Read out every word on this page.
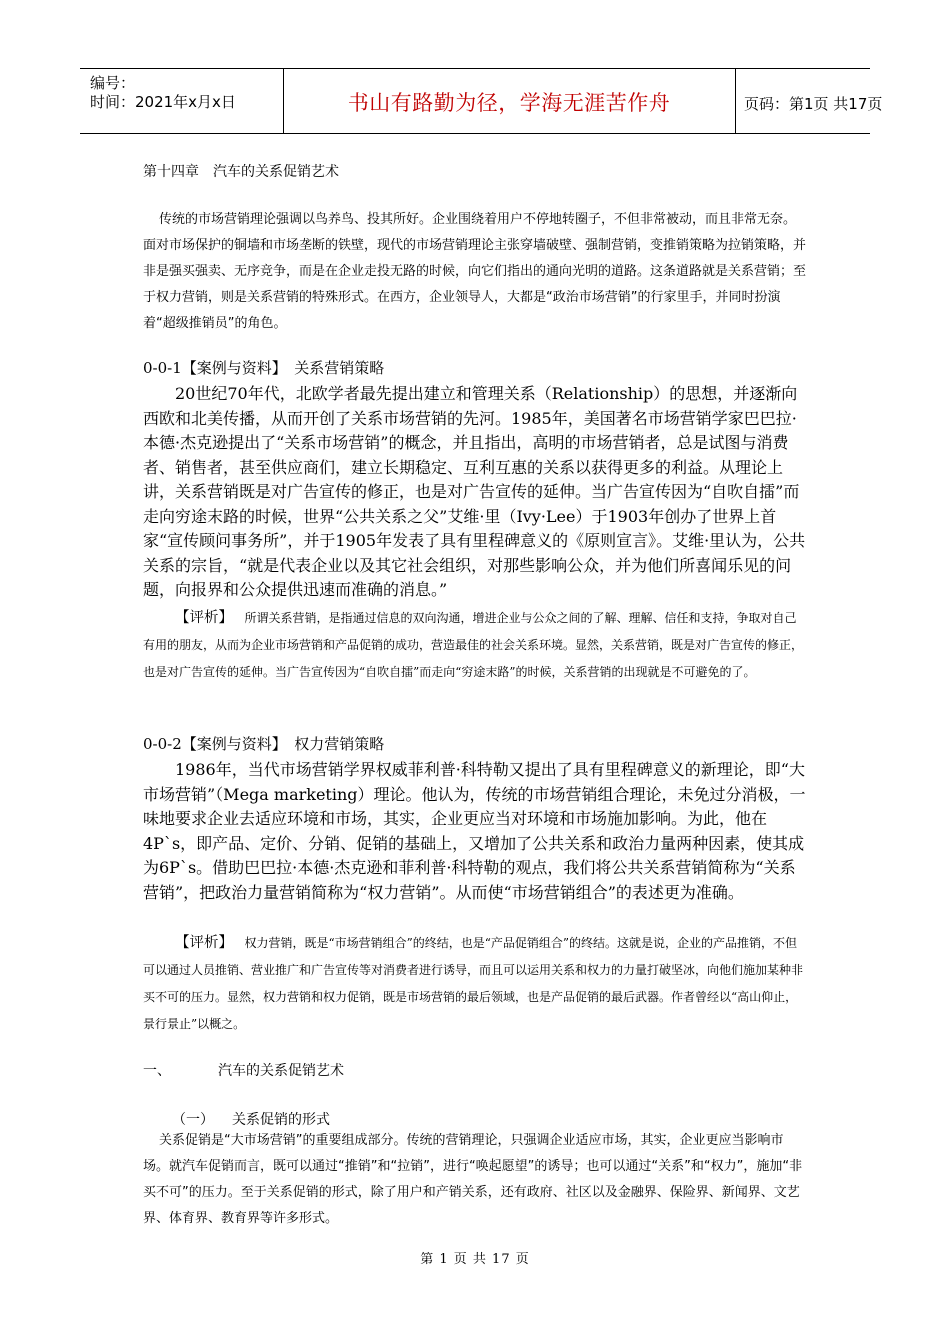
编号：
时间：2021年x月x日	书山有路勤为径，学海无涯苦作舟	页码：第1页 共17页
第十四章　汽车的关系促销艺术

传统的市场营销理论强调以鸟养鸟、投其所好。企业围绕着用户不停地转圈子，不但非常被动，而且非常无奈。面对市场保护的铜墙和市场垄断的铁壁，现代的市场营销理论主张穿墙破壁、强制营销，变推销策略为拉销策略，并非是强买强卖、无序竞争，而是在企业走投无路的时候，向它们指出的通向光明的道路。这条道路就是关系营销；至于权力营销，则是关系营销的特殊形式。在西方，企业领导人，大都是“政治市场营销”的行家里手，并同时扮演着“超级推销员”的角色。

0-0-1【案例与资料】　关系营销策略

20世纪70年代，北欧学者最先提出建立和管理关系（Relationship）的思想，并逐渐向西欧和北美传播，从而开创了关系市场营销的先河。1985年，美国著名市场营销学家巴巴拉·本德·杰克逊提出了“关系市场营销”的概念，并且指出，高明的市场营销者，总是试图与消费者、销售者，甚至供应商们，建立长期稳定、互利互惠的关系以获得更多的利益。从理论上讲，关系营销既是对广告宣传的修正，也是对广告宣传的延伸。当广告宣传因为“自吹自擂”而走向穷途末路的时候，世界“公共关系之父”艾维·里（Ivy·Lee）于1903年创办了世界上首家“宣传顾问事务所”，并于1905年发表了具有里程碑意义的《原则宣言》。艾维·里认为，公共关系的宗旨，“就是代表企业以及其它社会组织，对那些影响公众，并为他们所喜闻乐见的问题，向报界和公众提供迅速而准确的消息。”

【评析】 所谓关系营销，是指通过信息的双向沟通，增进企业与公众之间的了解、理解、信任和支持，争取对自己有用的朋友，从而为企业市场营销和产品促销的成功，营造最佳的社会关系环境。显然，关系营销，既是对广告宣传的修正，也是对广告宣传的延伸。当广告宣传因为“自吹自擂”而走向“穷途末路”的时候，关系营销的出现就是不可避免的了。

0-0-2【案例与资料】　权力营销策略

1986年，当代市场营销学界权威菲利普·科特勒又提出了具有里程碑意义的新理论，即“大市场营销”（Mega marketing）理论。他认为，传统的市场营销组合理论，未免过分消极，一味地要求企业去适应环境和市场，其实，企业更应当对环境和市场施加影响。为此，他在4P`s，即产品、定价、分销、促销的基础上，又增加了公共关系和政治力量两种因素，使其成为6P`s。借助巴巴拉·本德·杰克逊和菲利普·科特勒的观点，我们将公共关系营销简称为“关系营销”，把政治力量营销简称为“权力营销”。从而使“市场营销组合”的表述更为准确。

【评析】 权力营销，既是“市场营销组合”的终结，也是“产品促销组合”的终结。这就是说，企业的产品推销，不但可以通过人员推销、营业推广和广告宣传等对消费者进行诱导，而且可以运用关系和权力的力量打破坚冰，向他们施加某种非买不可的压力。显然，权力营销和权力促销，既是市场营销的最后领域，也是产品促销的最后武器。作者曾经以“高山仰止，景行景止”以概之。

一、	汽车的关系促销艺术
（一） 关系促销的形式

关系促销是“大市场营销”的重要组成部分。传统的营销理论，只强调企业适应市场，其实，企业更应当影响市场。就汽车促销而言，既可以通过“推销”和“拉销”，进行“唤起愿望”的诱导；也可以通过“关系”和“权力”，施加“非买不可”的压力。至于关系促销的形式，除了用户和产销关系，还有政府、社区以及金融界、保险界、新闻界、文艺界、体育界、教育界等许多形式。

第 1 页 共 17 页
